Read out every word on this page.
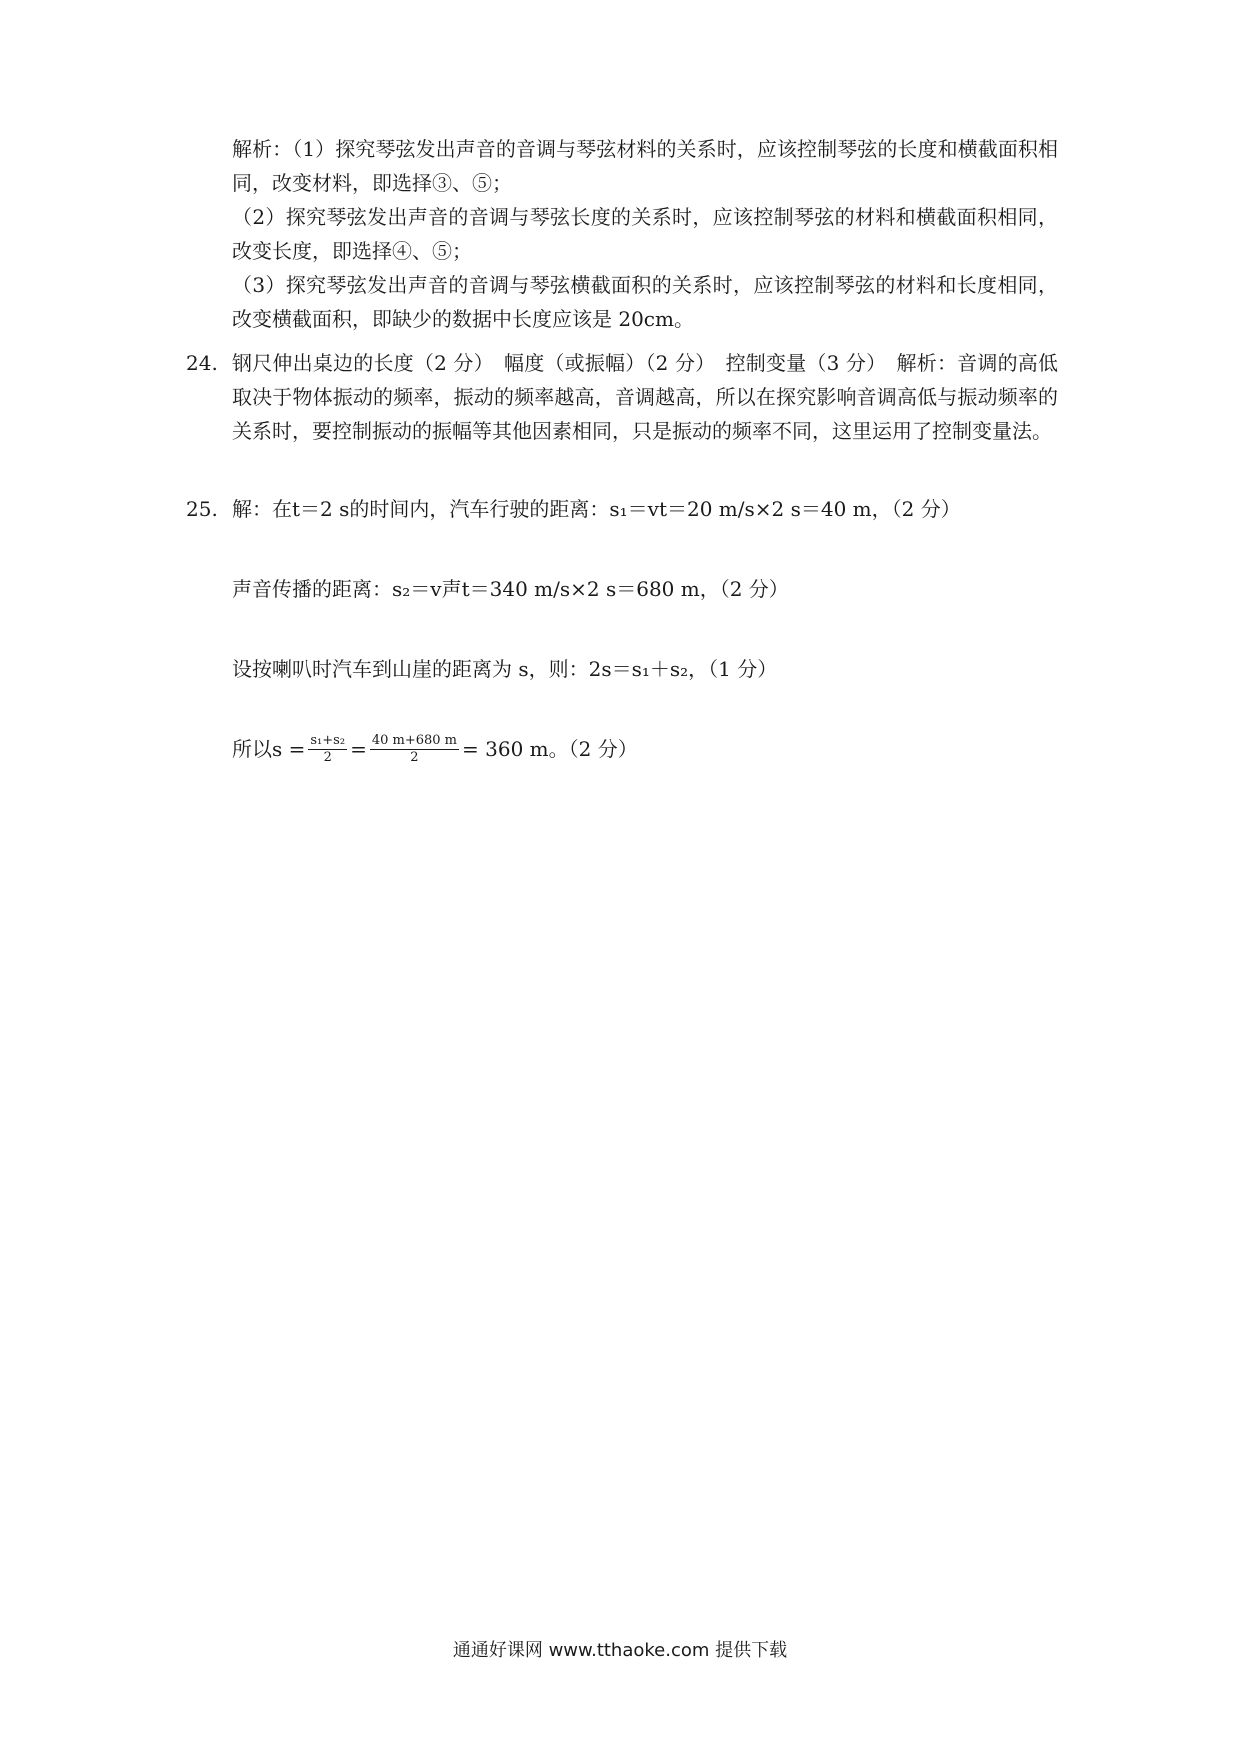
解析：（1）探究琴弦发出声音的音调与琴弦材料的关系时，应该控制琴弦的长度和横截面积相同，改变材料，即选择③、⑤；
（2）探究琴弦发出声音的音调与琴弦长度的关系时，应该控制琴弦的材料和横截面积相同，改变长度，即选择④、⑤；
（3）探究琴弦发出声音的音调与琴弦横截面积的关系时，应该控制琴弦的材料和长度相同，改变横截面积，即缺少的数据中长度应该是 20cm。
24. 钢尺伸出桌边的长度（2 分）　幅度（或振幅）（2 分）　控制变量（3 分）　解析：音调的高低取决于物体振动的频率，振动的频率越高，音调越高，所以在探究影响音调高低与振动频率的关系时，要控制振动的振幅等其他因素相同，只是振动的频率不同，这里运用了控制变量法。
25. 解：在t＝2 s的时间内，汽车行驶的距离：s₁＝vt＝20 m/s×2 s＝40 m，（2 分）
声音传播的距离：s₂＝v声t＝340 m/s×2 s＝680 m，（2 分）
设按喇叭时汽车到山崖的距离为 s，则：2s＝s₁＋s₂，（1 分）
所以$s = \frac{\text{s₁+s₂}}{2} = \frac{40 m+680 m}{2} = 360$ m。（2 分）
通通好课网 www.tthaoke.com 提供下载
